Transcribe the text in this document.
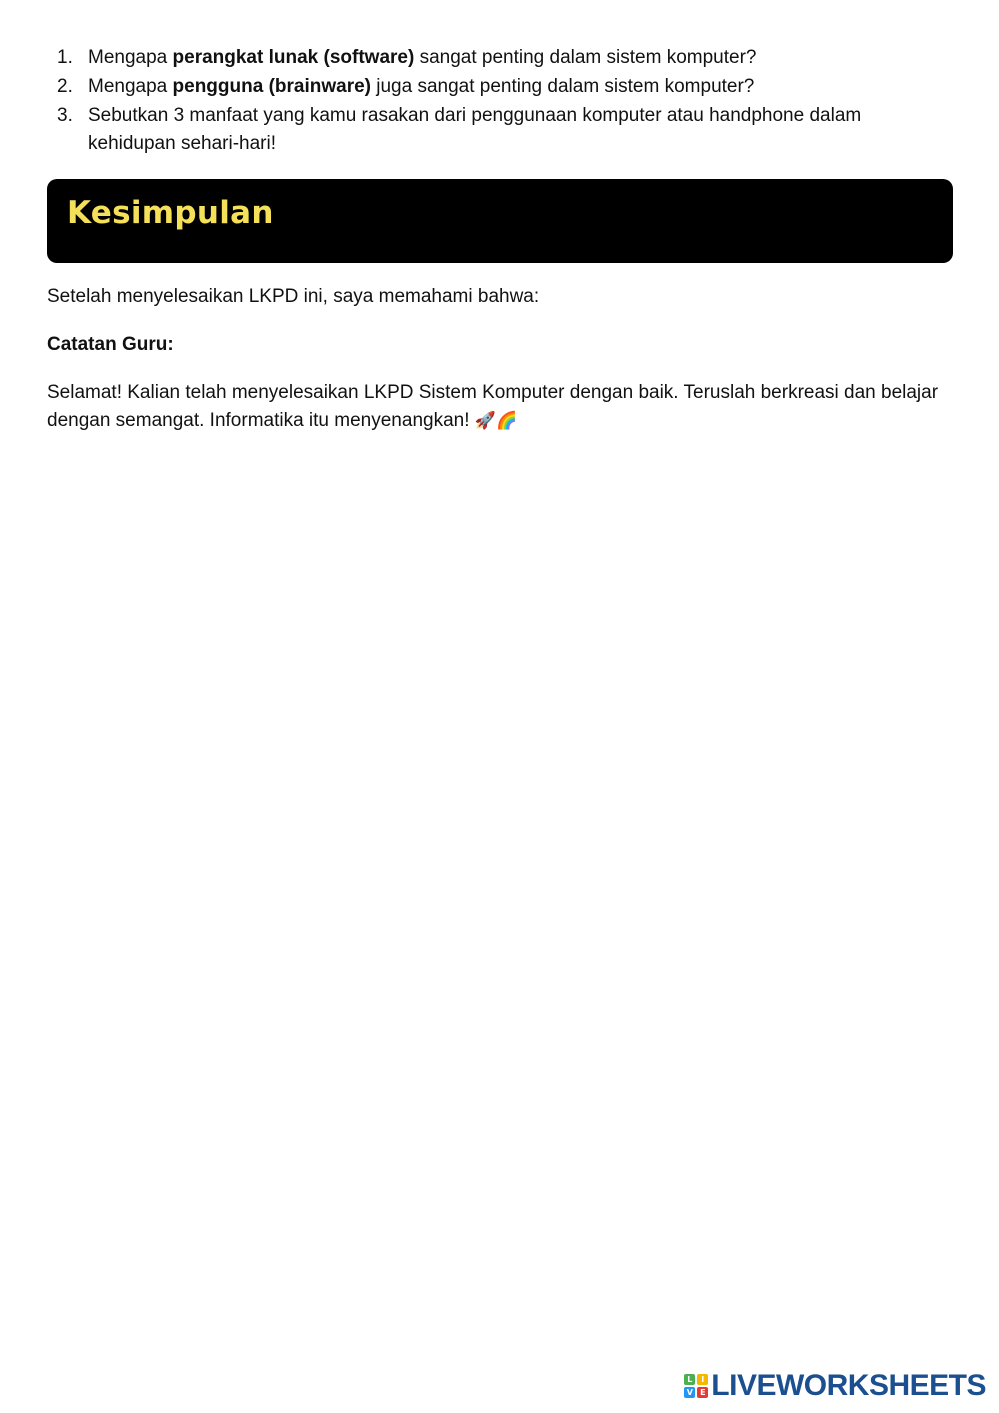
1. Mengapa perangkat lunak (software) sangat penting dalam sistem komputer?
2. Mengapa pengguna (brainware) juga sangat penting dalam sistem komputer?
3. Sebutkan 3 manfaat yang kamu rasakan dari penggunaan komputer atau handphone dalam kehidupan sehari-hari!
Kesimpulan

Setelah menyelesaikan LKPD ini, saya memahami bahwa:

Catatan Guru:

Selamat! Kalian telah menyelesaikan LKPD Sistem Komputer dengan baik. Teruslah berkreasi dan belajar dengan semangat. Informatika itu menyenangkan! 🚀🌈

L	I
V E LIVEWORKSHEETS
